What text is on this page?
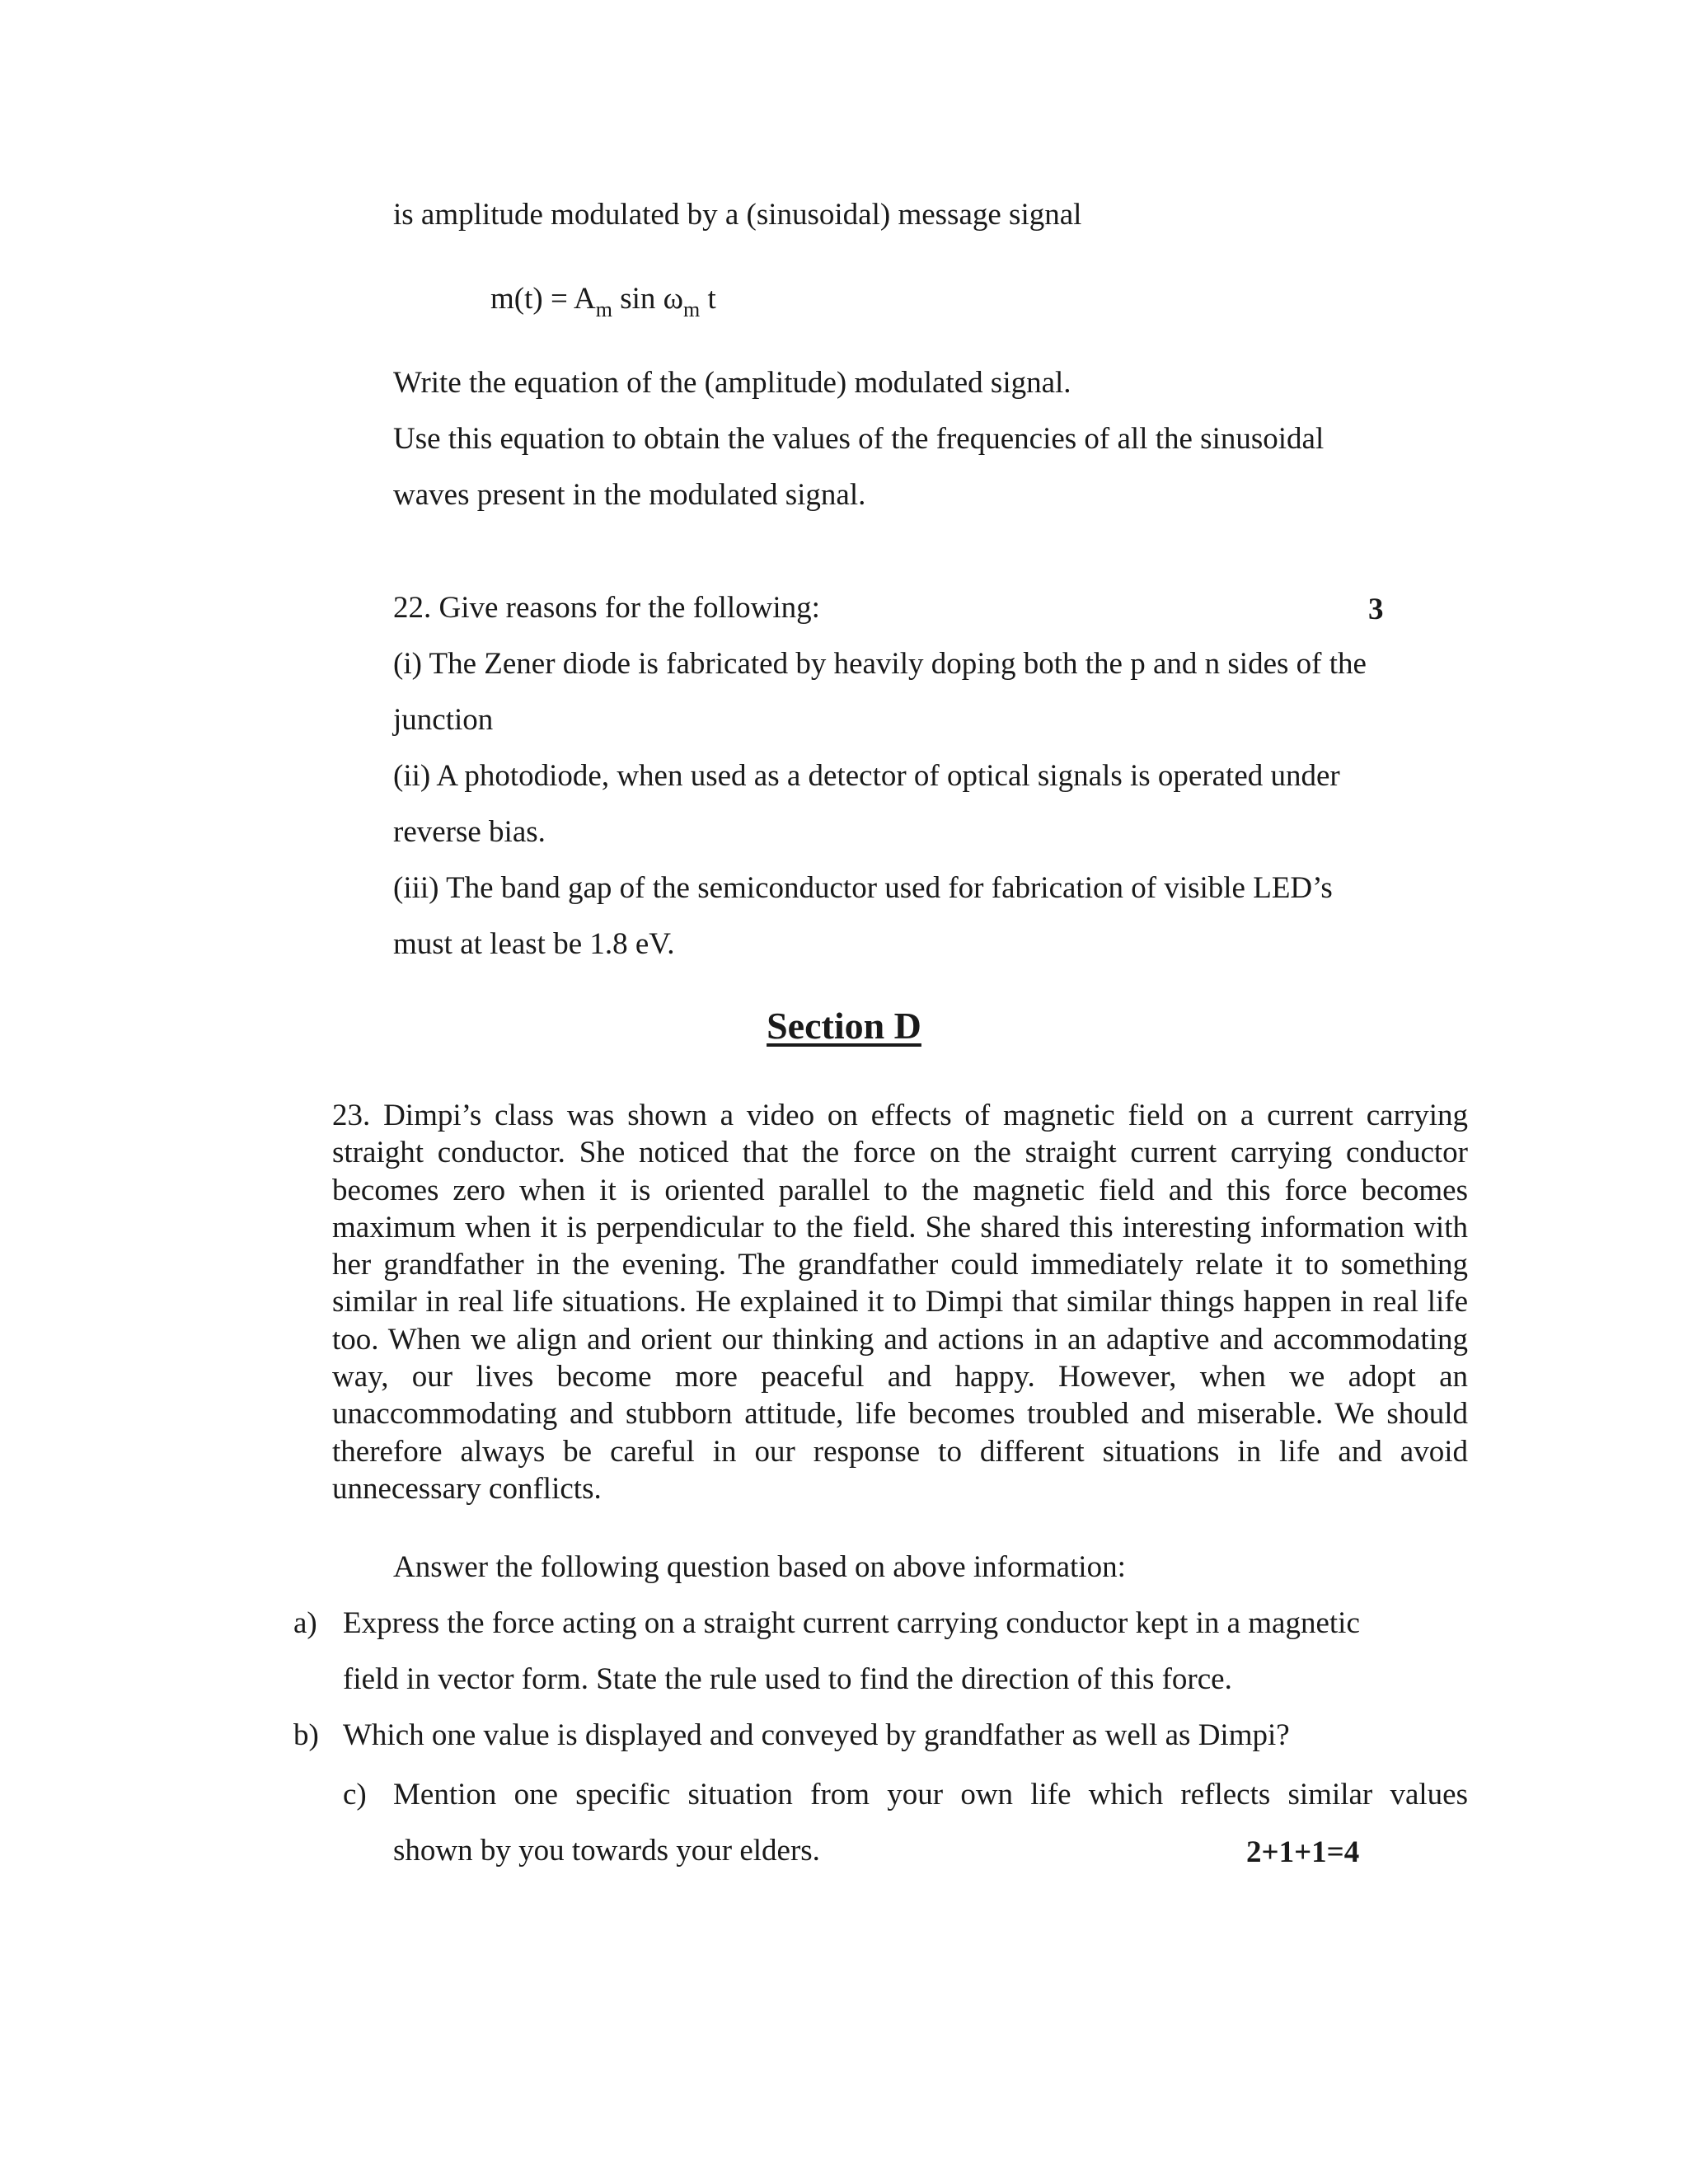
is amplitude modulated by a (sinusoidal) message signal
$m(t) = A_m$ $\sin \omega_m$ t
Write the equation of the (amplitude) modulated signal.
Use this equation to obtain the values of the frequencies of all the sinusoidal
waves present in the modulated signal.
22. Give reasons for the following:	3
(i) The Zener diode is fabricated by heavily doping both the p and n sides of the
junction
(ii) A photodiode, when used as a detector of optical signals is operated under
reverse bias.
(iii) The band gap of the semiconductor used for fabrication of visible LED’s
must at least be 1.8 eV.
Section D
23. Dimpi’s class was shown a video on effects of magnetic field on a current carrying straight conductor. She noticed that the force on the straight current carrying conductor becomes zero when it is oriented parallel to the magnetic field and this force becomes maximum when it is perpendicular to the field. She shared this interesting information with her grandfather in the evening. The grandfather could immediately relate it to something similar in real life situations. He explained it to Dimpi that similar things happen in real life too. When we align and orient our thinking and actions in an adaptive and accommodating way, our lives become more peaceful and happy. However, when we adopt an unaccommodating and stubborn attitude, life becomes troubled and miserable. We should therefore always be careful in our response to different situations in life and avoid unnecessary conflicts.
Answer the following question based on above information:
a) Express the force acting on a straight current carrying conductor kept in a magnetic
field in vector form. State the rule used to find the direction of this force.
b) Which one value is displayed and conveyed by grandfather as well as Dimpi?
c) Mention one specific situation from your own life which reflects similar values
shown by you towards your elders.	2+1+1=4
